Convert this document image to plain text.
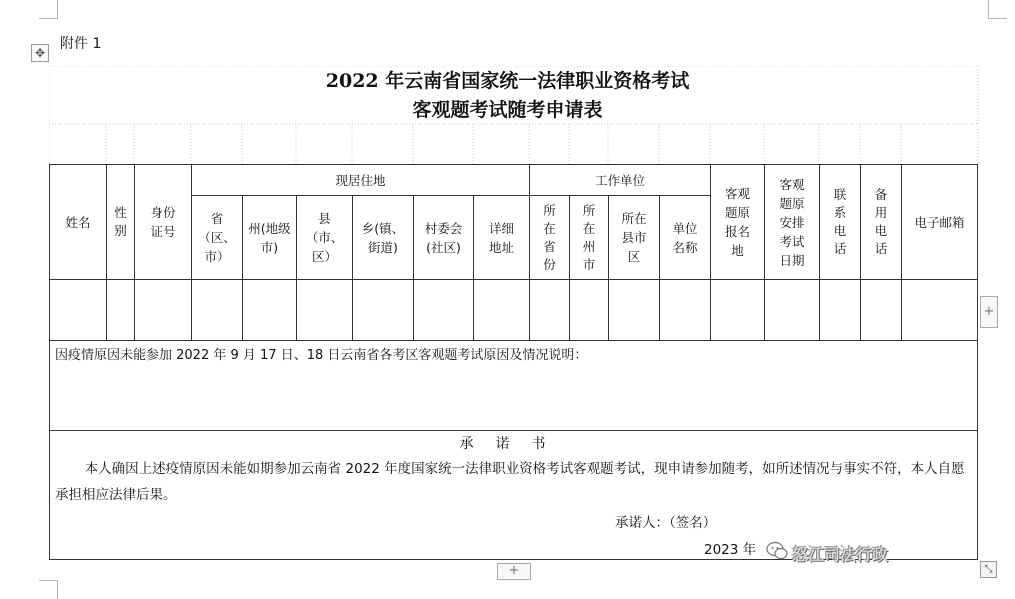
✥
附件 1
2022 年云南省国家统一法律职业资格考试
客观题考试随考申请表
姓名	性别	身份证号	现居住地						工作单位				客观题原报名地	客观题原安排考试日期	联系电话	备用电话	电子邮箱

			省（区、市）	州(地级市)	县（市、区）	乡(镇、街道)	村委会(社区)	详细地址	所在省份	所在州市	所在县市区	单位名称					

+
因疫情原因未能参加 2022 年 9 月 17 日、18 日云南省各考区客观题考试原因及情况说明：
承诺书
本人确因上述疫情原因未能如期参加云南省 2022 年度国家统一法律职业资格考试客观题考试，现申请参加随考，如所述情况与事实不符，本人自愿承担相应法律后果。
承诺人：（签名）
2023 年
+
怒江司法行政
⤡
